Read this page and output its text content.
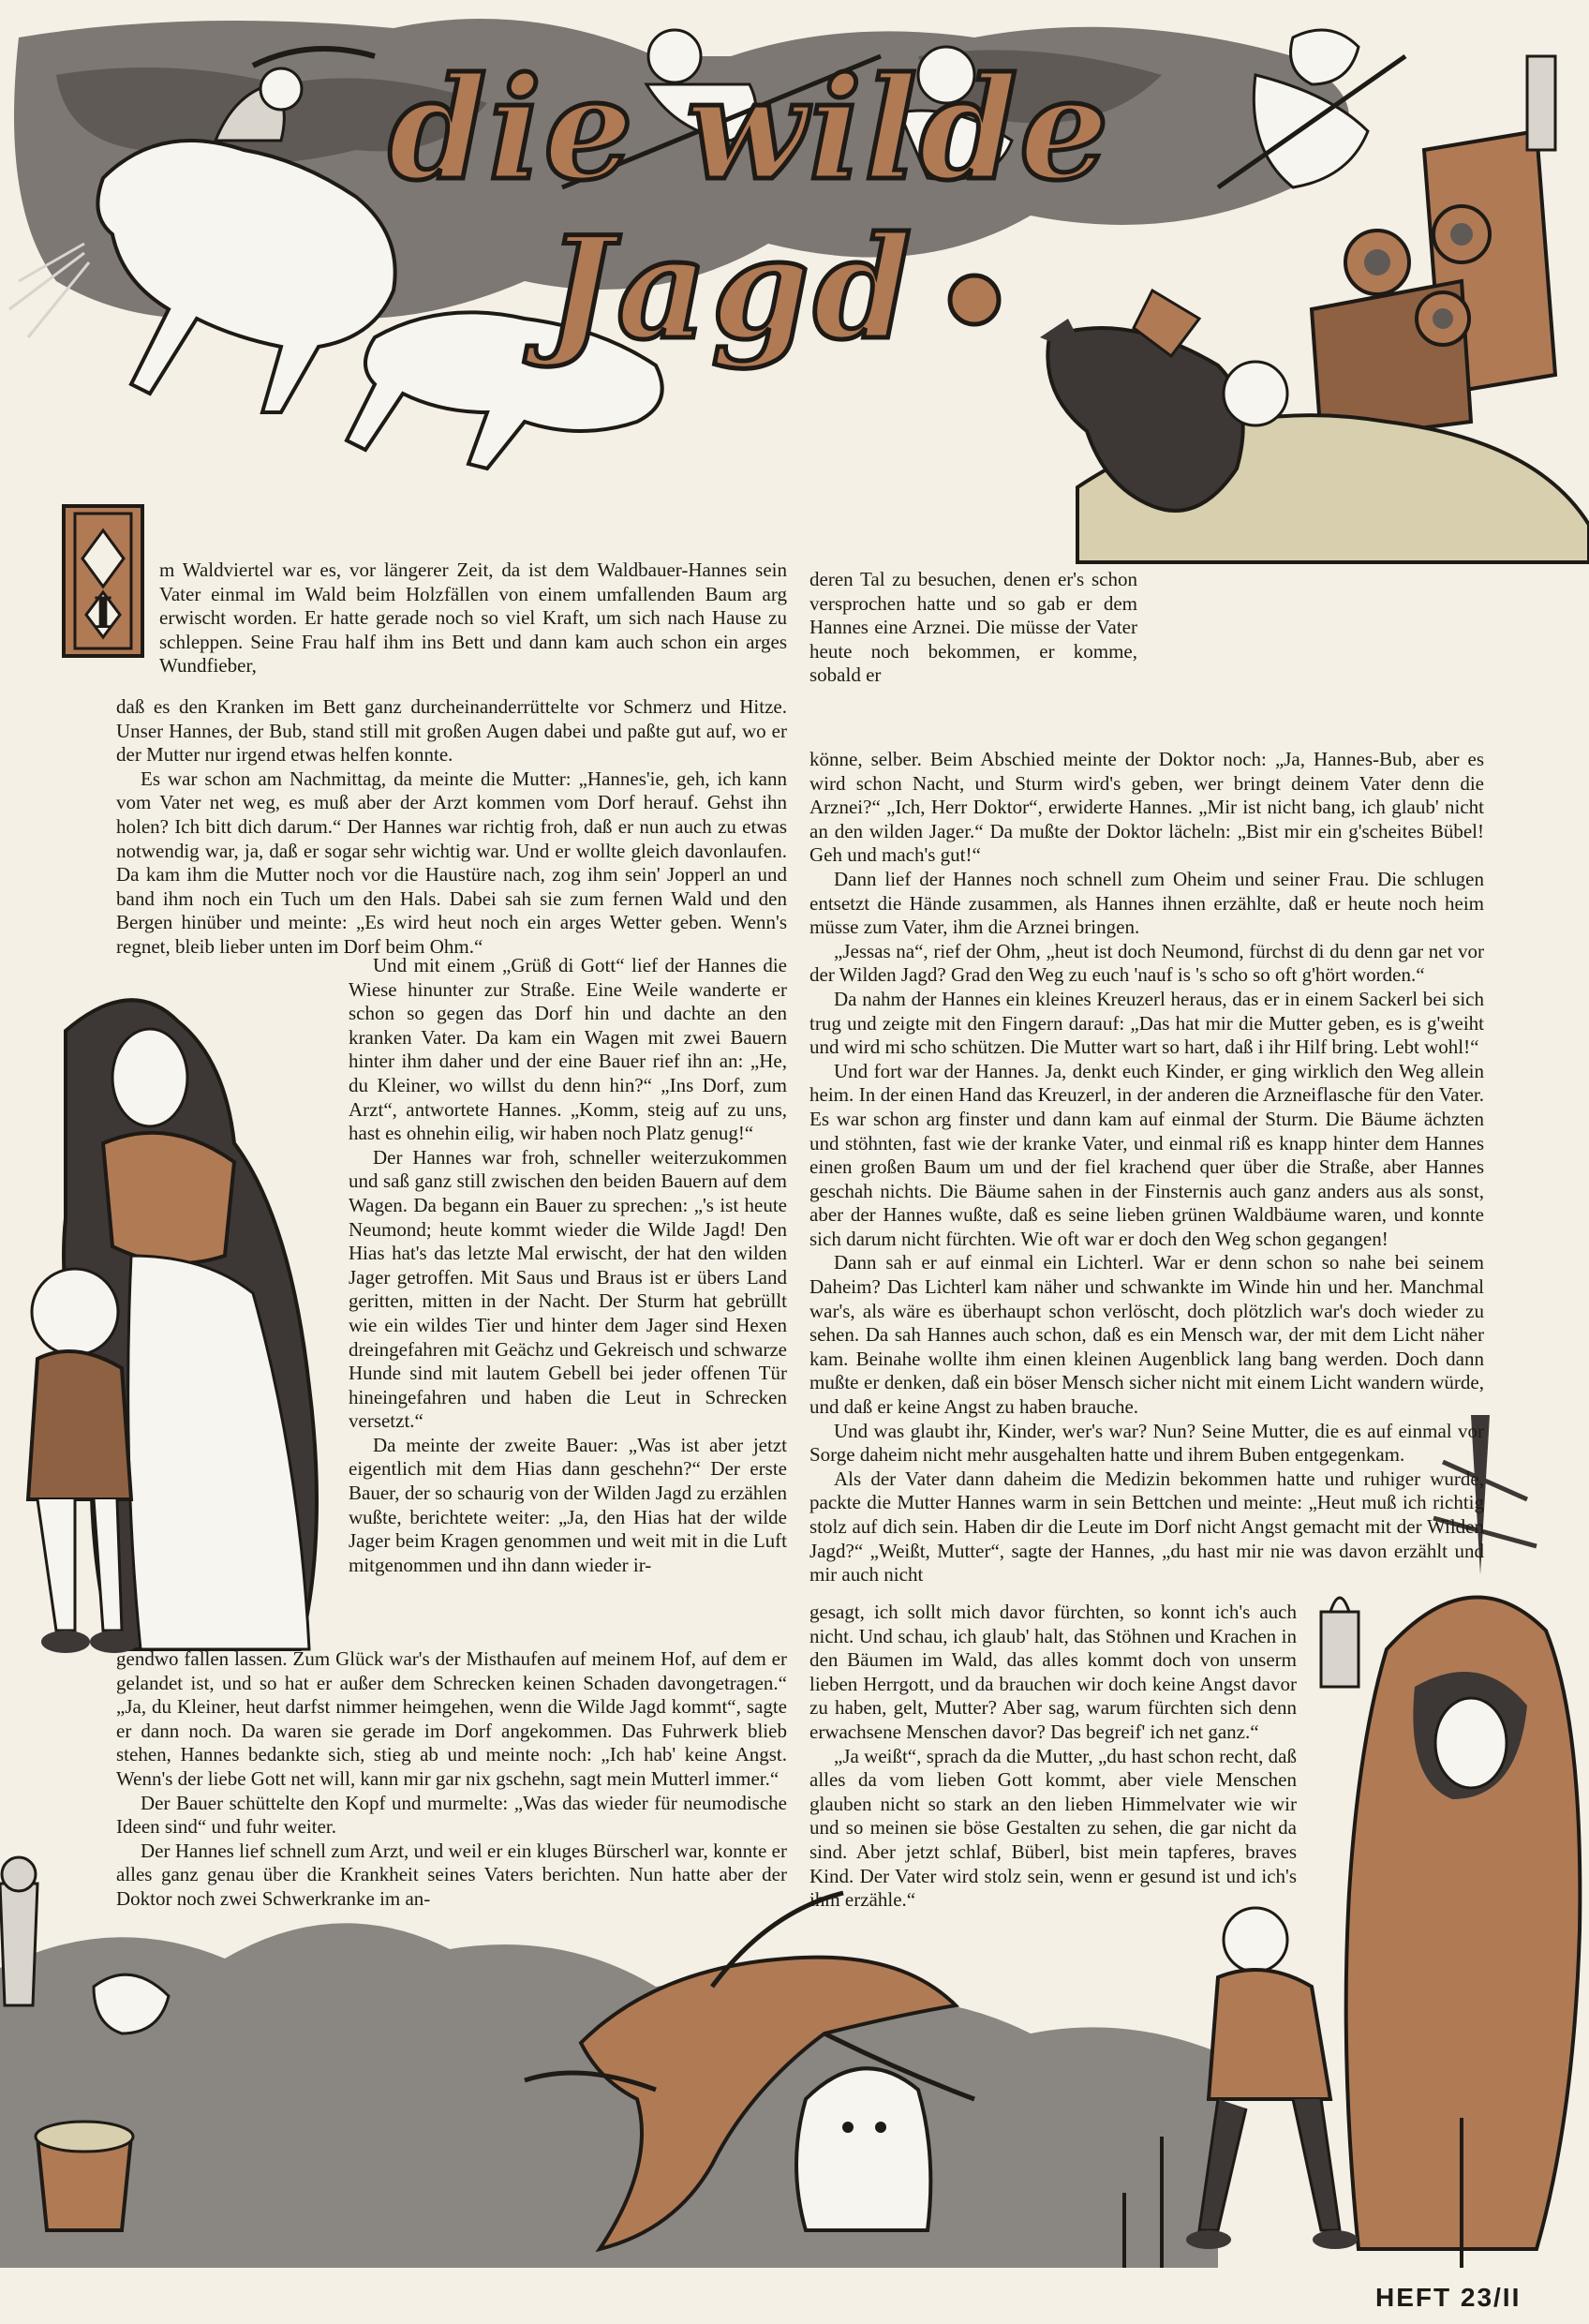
die wilde
Jagd
I

m Waldviertel war es, vor längerer Zeit, da ist dem Waldbauer-Hannes sein Vater einmal im Wald beim Holzfällen von einem umfallenden Baum arg erwischt worden. Er hatte gerade noch so viel Kraft, um sich nach Hause zu schleppen. Seine Frau half ihm ins Bett und dann kam auch schon ein arges Wundfieber,

daß es den Kranken im Bett ganz durcheinanderrüttelte vor Schmerz und Hitze. Unser Hannes, der Bub, stand still mit großen Augen dabei und paßte gut auf, wo er der Mutter nur irgend etwas helfen konnte.

Es war schon am Nachmittag, da meinte die Mutter: „Hannes'ie, geh, ich kann vom Vater net weg, es muß aber der Arzt kommen vom Dorf herauf. Gehst ihn holen? Ich bitt dich darum.“ Der Hannes war richtig froh, daß er nun auch zu etwas notwendig war, ja, daß er sogar sehr wichtig war. Und er wollte gleich davonlaufen. Da kam ihm die Mutter noch vor die Haustüre nach, zog ihm sein' Jopperl an und band ihm noch ein Tuch um den Hals. Dabei sah sie zum fernen Wald und den Bergen hinüber und meinte: „Es wird heut noch ein arges Wetter geben. Wenn's regnet, bleib lieber unten im Dorf beim Ohm.“

Und mit einem „Grüß di Gott“ lief der Hannes die Wiese hinunter zur Straße. Eine Weile wanderte er schon so gegen das Dorf hin und dachte an den kranken Vater. Da kam ein Wagen mit zwei Bauern hinter ihm daher und der eine Bauer rief ihn an: „He, du Kleiner, wo willst du denn hin?“ „Ins Dorf, zum Arzt“, antwortete Hannes. „Komm, steig auf zu uns, hast es ohnehin eilig, wir haben noch Platz genug!“

Der Hannes war froh, schneller weiterzukommen und saß ganz still zwischen den beiden Bauern auf dem Wagen. Da begann ein Bauer zu sprechen: „'s ist heute Neumond; heute kommt wieder die Wilde Jagd! Den Hias hat's das letzte Mal erwischt, der hat den wilden Jager getroffen. Mit Saus und Braus ist er übers Land geritten, mitten in der Nacht. Der Sturm hat gebrüllt wie ein wildes Tier und hinter dem Jager sind Hexen dreingefahren mit Geächz und Gekreisch und schwarze Hunde sind mit lautem Gebell bei jeder offenen Tür hineingefahren und haben die Leut in Schrecken versetzt.“

Da meinte der zweite Bauer: „Was ist aber jetzt eigentlich mit dem Hias dann geschehn?“ Der erste Bauer, der so schaurig von der Wilden Jagd zu erzählen wußte, berichtete weiter: „Ja, den Hias hat der wilde Jager beim Kragen genommen und weit mit in die Luft mitgenommen und ihn dann wieder ir-

gendwo fallen lassen. Zum Glück war's der Misthaufen auf meinem Hof, auf dem er gelandet ist, und so hat er außer dem Schrecken keinen Schaden davongetragen.“ „Ja, du Kleiner, heut darfst nimmer heimgehen, wenn die Wilde Jagd kommt“, sagte er dann noch. Da waren sie gerade im Dorf angekommen. Das Fuhrwerk blieb stehen, Hannes bedankte sich, stieg ab und meinte noch: „Ich hab' keine Angst. Wenn's der liebe Gott net will, kann mir gar nix gschehn, sagt mein Mutterl immer.“

Der Bauer schüttelte den Kopf und murmelte: „Was das wieder für neumodische Ideen sind“ und fuhr weiter.

Der Hannes lief schnell zum Arzt, und weil er ein kluges Bürscherl war, konnte er alles ganz genau über die Krankheit seines Vaters berichten. Nun hatte aber der Doktor noch zwei Schwerkranke im an-

deren Tal zu besuchen, denen er's schon versprochen hatte und so gab er dem Hannes eine Arznei. Die müsse der Vater heute noch bekommen, er komme, sobald er

könne, selber. Beim Abschied meinte der Doktor noch: „Ja, Hannes-Bub, aber es wird schon Nacht, und Sturm wird's geben, wer bringt deinem Vater denn die Arznei?“ „Ich, Herr Doktor“, erwiderte Hannes. „Mir ist nicht bang, ich glaub' nicht an den wilden Jager.“ Da mußte der Doktor lächeln: „Bist mir ein g'scheites Bübel! Geh und mach's gut!“

Dann lief der Hannes noch schnell zum Oheim und seiner Frau. Die schlugen entsetzt die Hände zusammen, als Hannes ihnen erzählte, daß er heute noch heim müsse zum Vater, ihm die Arznei bringen.

„Jessas na“, rief der Ohm, „heut ist doch Neumond, fürchst di du denn gar net vor der Wilden Jagd? Grad den Weg zu euch 'nauf is 's scho so oft g'hört worden.“

Da nahm der Hannes ein kleines Kreuzerl heraus, das er in einem Sackerl bei sich trug und zeigte mit den Fingern darauf: „Das hat mir die Mutter geben, es is g'weiht und wird mi scho schützen. Die Mutter wart so hart, daß i ihr Hilf bring. Lebt wohl!“

Und fort war der Hannes. Ja, denkt euch Kinder, er ging wirklich den Weg allein heim. In der einen Hand das Kreuzerl, in der anderen die Arzneiflasche für den Vater. Es war schon arg finster und dann kam auf einmal der Sturm. Die Bäume ächzten und stöhnten, fast wie der kranke Vater, und einmal riß es knapp hinter dem Hannes einen großen Baum um und der fiel krachend quer über die Straße, aber Hannes geschah nichts. Die Bäume sahen in der Finsternis auch ganz anders aus als sonst, aber der Hannes wußte, daß es seine lieben grünen Waldbäume waren, und konnte sich darum nicht fürchten. Wie oft war er doch den Weg schon gegangen!

Dann sah er auf einmal ein Lichterl. War er denn schon so nahe bei seinem Daheim? Das Lichterl kam näher und schwankte im Winde hin und her. Manchmal war's, als wäre es überhaupt schon verlöscht, doch plötzlich war's doch wieder zu sehen. Da sah Hannes auch schon, daß es ein Mensch war, der mit dem Licht näher kam. Beinahe wollte ihm einen kleinen Augenblick lang bang werden. Doch dann mußte er denken, daß ein böser Mensch sicher nicht mit einem Licht wandern würde, und daß er keine Angst zu haben brauche.

Und was glaubt ihr, Kinder, wer's war? Nun? Seine Mutter, die es auf einmal vor Sorge daheim nicht mehr ausgehalten hatte und ihrem Buben entgegenkam.

Als der Vater dann daheim die Medizin bekommen hatte und ruhiger wurde, packte die Mutter Hannes warm in sein Bettchen und meinte: „Heut muß ich richtig stolz auf dich sein. Haben dir die Leute im Dorf nicht Angst gemacht mit der Wilden Jagd?“ „Weißt, Mutter“, sagte der Hannes, „du hast mir nie was davon erzählt und mir auch nicht

gesagt, ich sollt mich davor fürchten, so konnt ich's auch nicht. Und schau, ich glaub' halt, das Stöhnen und Krachen in den Bäumen im Wald, das alles kommt doch von unserm lieben Herrgott, und da brauchen wir doch keine Angst davor zu haben, gelt, Mutter? Aber sag, warum fürchten sich denn erwachsene Menschen davor? Das begreif' ich net ganz.“

„Ja weißt“, sprach da die Mutter, „du hast schon recht, daß alles da vom lieben Gott kommt, aber viele Menschen glauben nicht so stark an den lieben Himmelvater wie wir und so meinen sie böse Gestalten zu sehen, die gar nicht da sind. Aber jetzt schlaf, Büberl, bist mein tapferes, braves Kind. Der Vater wird stolz sein, wenn er gesund ist und ich's ihm erzähle.“

HEFT 23/II
